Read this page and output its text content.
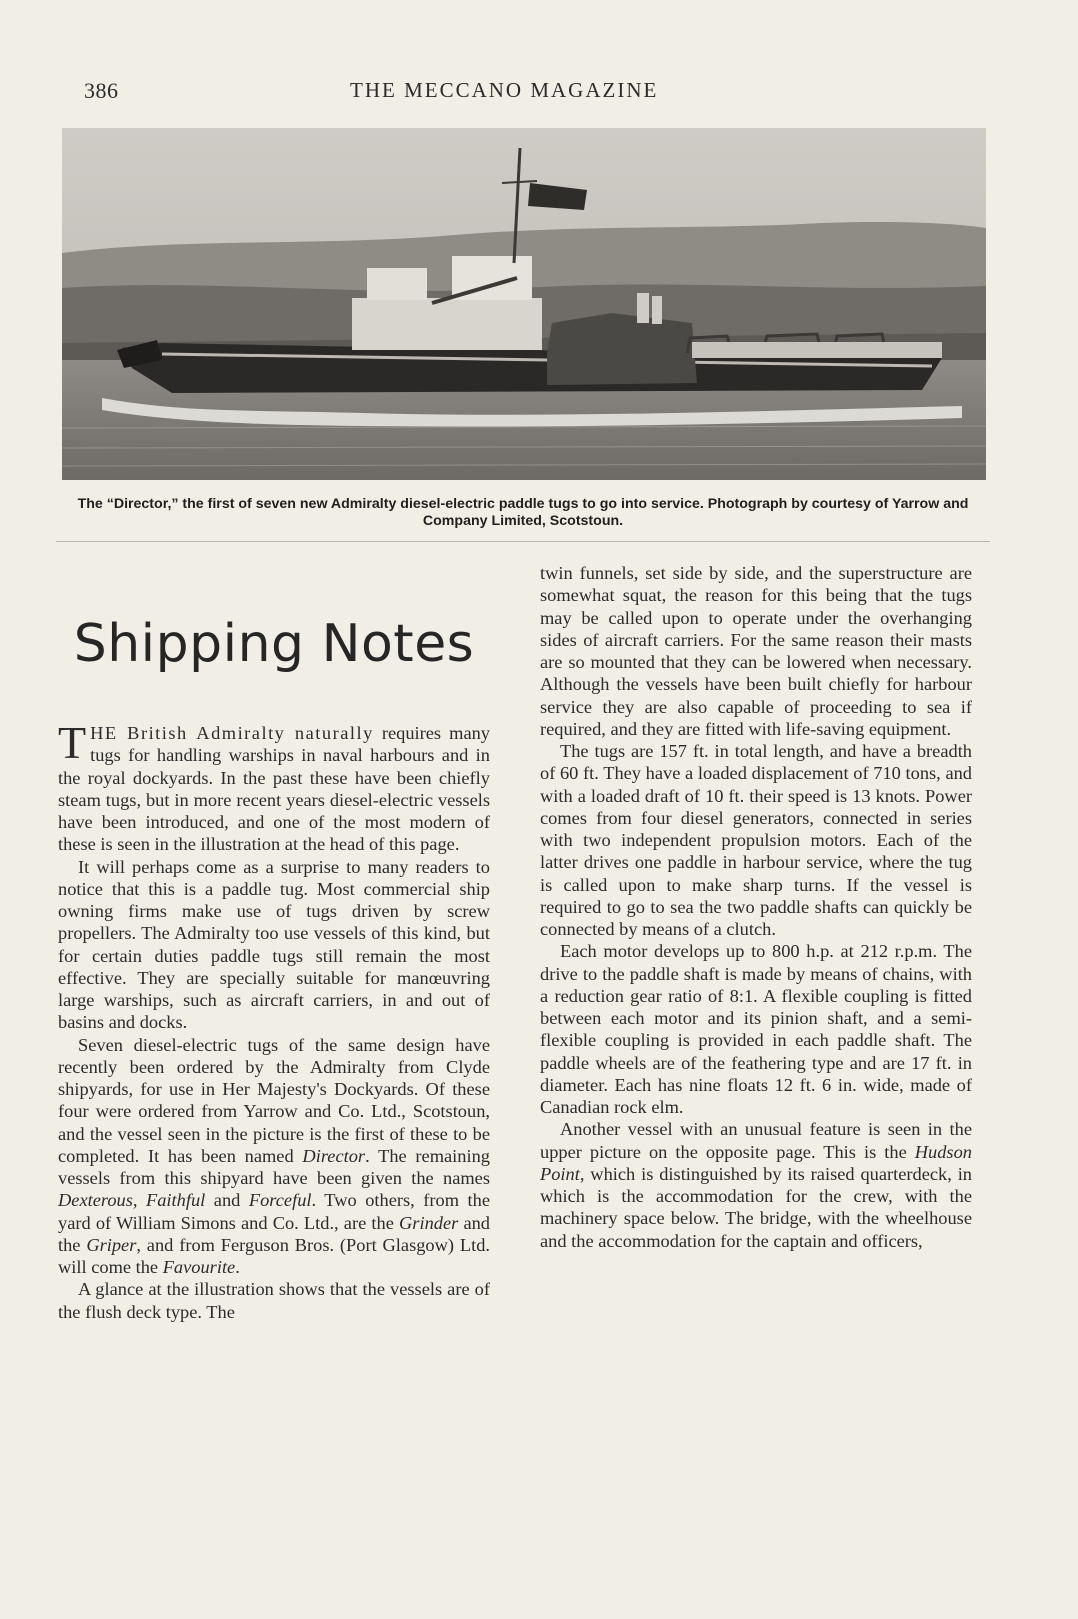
386	THE MECCANO MAGAZINE
The “Director,” the first of seven new Admiralty diesel-electric paddle tugs to go into service. Photograph by courtesy of Yarrow and Company Limited, Scotstoun.
Shipping Notes

THE British Admiralty naturally requires many tugs for handling warships in naval harbours and in the royal dockyards. In the past these have been chiefly steam tugs, but in more recent years diesel-electric vessels have been introduced, and one of the most modern of these is seen in the illustration at the head of this page.

It will perhaps come as a surprise to many readers to notice that this is a paddle tug. Most commercial ship owning firms make use of tugs driven by screw propellers. The Admiralty too use vessels of this kind, but for certain duties paddle tugs still remain the most effective. They are specially suitable for manœuvring large warships, such as aircraft carriers, in and out of basins and docks.

Seven diesel-electric tugs of the same design have recently been ordered by the Admiralty from Clyde shipyards, for use in Her Majesty's Dockyards. Of these four were ordered from Yarrow and Co. Ltd., Scotstoun, and the vessel seen in the picture is the first of these to be completed. It has been named Director. The remaining vessels from this shipyard have been given the names Dexterous, Faithful and Forceful. Two others, from the yard of William Simons and Co. Ltd., are the Grinder and the Griper, and from Ferguson Bros. (Port Glasgow) Ltd. will come the Favourite.

A glance at the illustration shows that the vessels are of the flush deck type. The

twin funnels, set side by side, and the superstructure are somewhat squat, the reason for this being that the tugs may be called upon to operate under the overhanging sides of aircraft carriers. For the same reason their masts are so mounted that they can be lowered when necessary. Although the vessels have been built chiefly for harbour service they are also capable of proceeding to sea if required, and they are fitted with life-saving equipment.

The tugs are 157 ft. in total length, and have a breadth of 60 ft. They have a loaded displacement of 710 tons, and with a loaded draft of 10 ft. their speed is 13 knots. Power comes from four diesel generators, connected in series with two independent propulsion motors. Each of the latter drives one paddle in harbour service, where the tug is called upon to make sharp turns. If the vessel is required to go to sea the two paddle shafts can quickly be connected by means of a clutch.

Each motor develops up to 800 h.p. at 212 r.p.m. The drive to the paddle shaft is made by means of chains, with a reduction gear ratio of 8:1. A flexible coupling is fitted between each motor and its pinion shaft, and a semi-flexible coupling is provided in each paddle shaft. The paddle wheels are of the feathering type and are 17 ft. in diameter. Each has nine floats 12 ft. 6 in. wide, made of Canadian rock elm.

Another vessel with an unusual feature is seen in the upper picture on the opposite page. This is the Hudson Point, which is distinguished by its raised quarterdeck, in which is the accommodation for the crew, with the machinery space below. The bridge, with the wheelhouse and the accommodation for the captain and officers,
